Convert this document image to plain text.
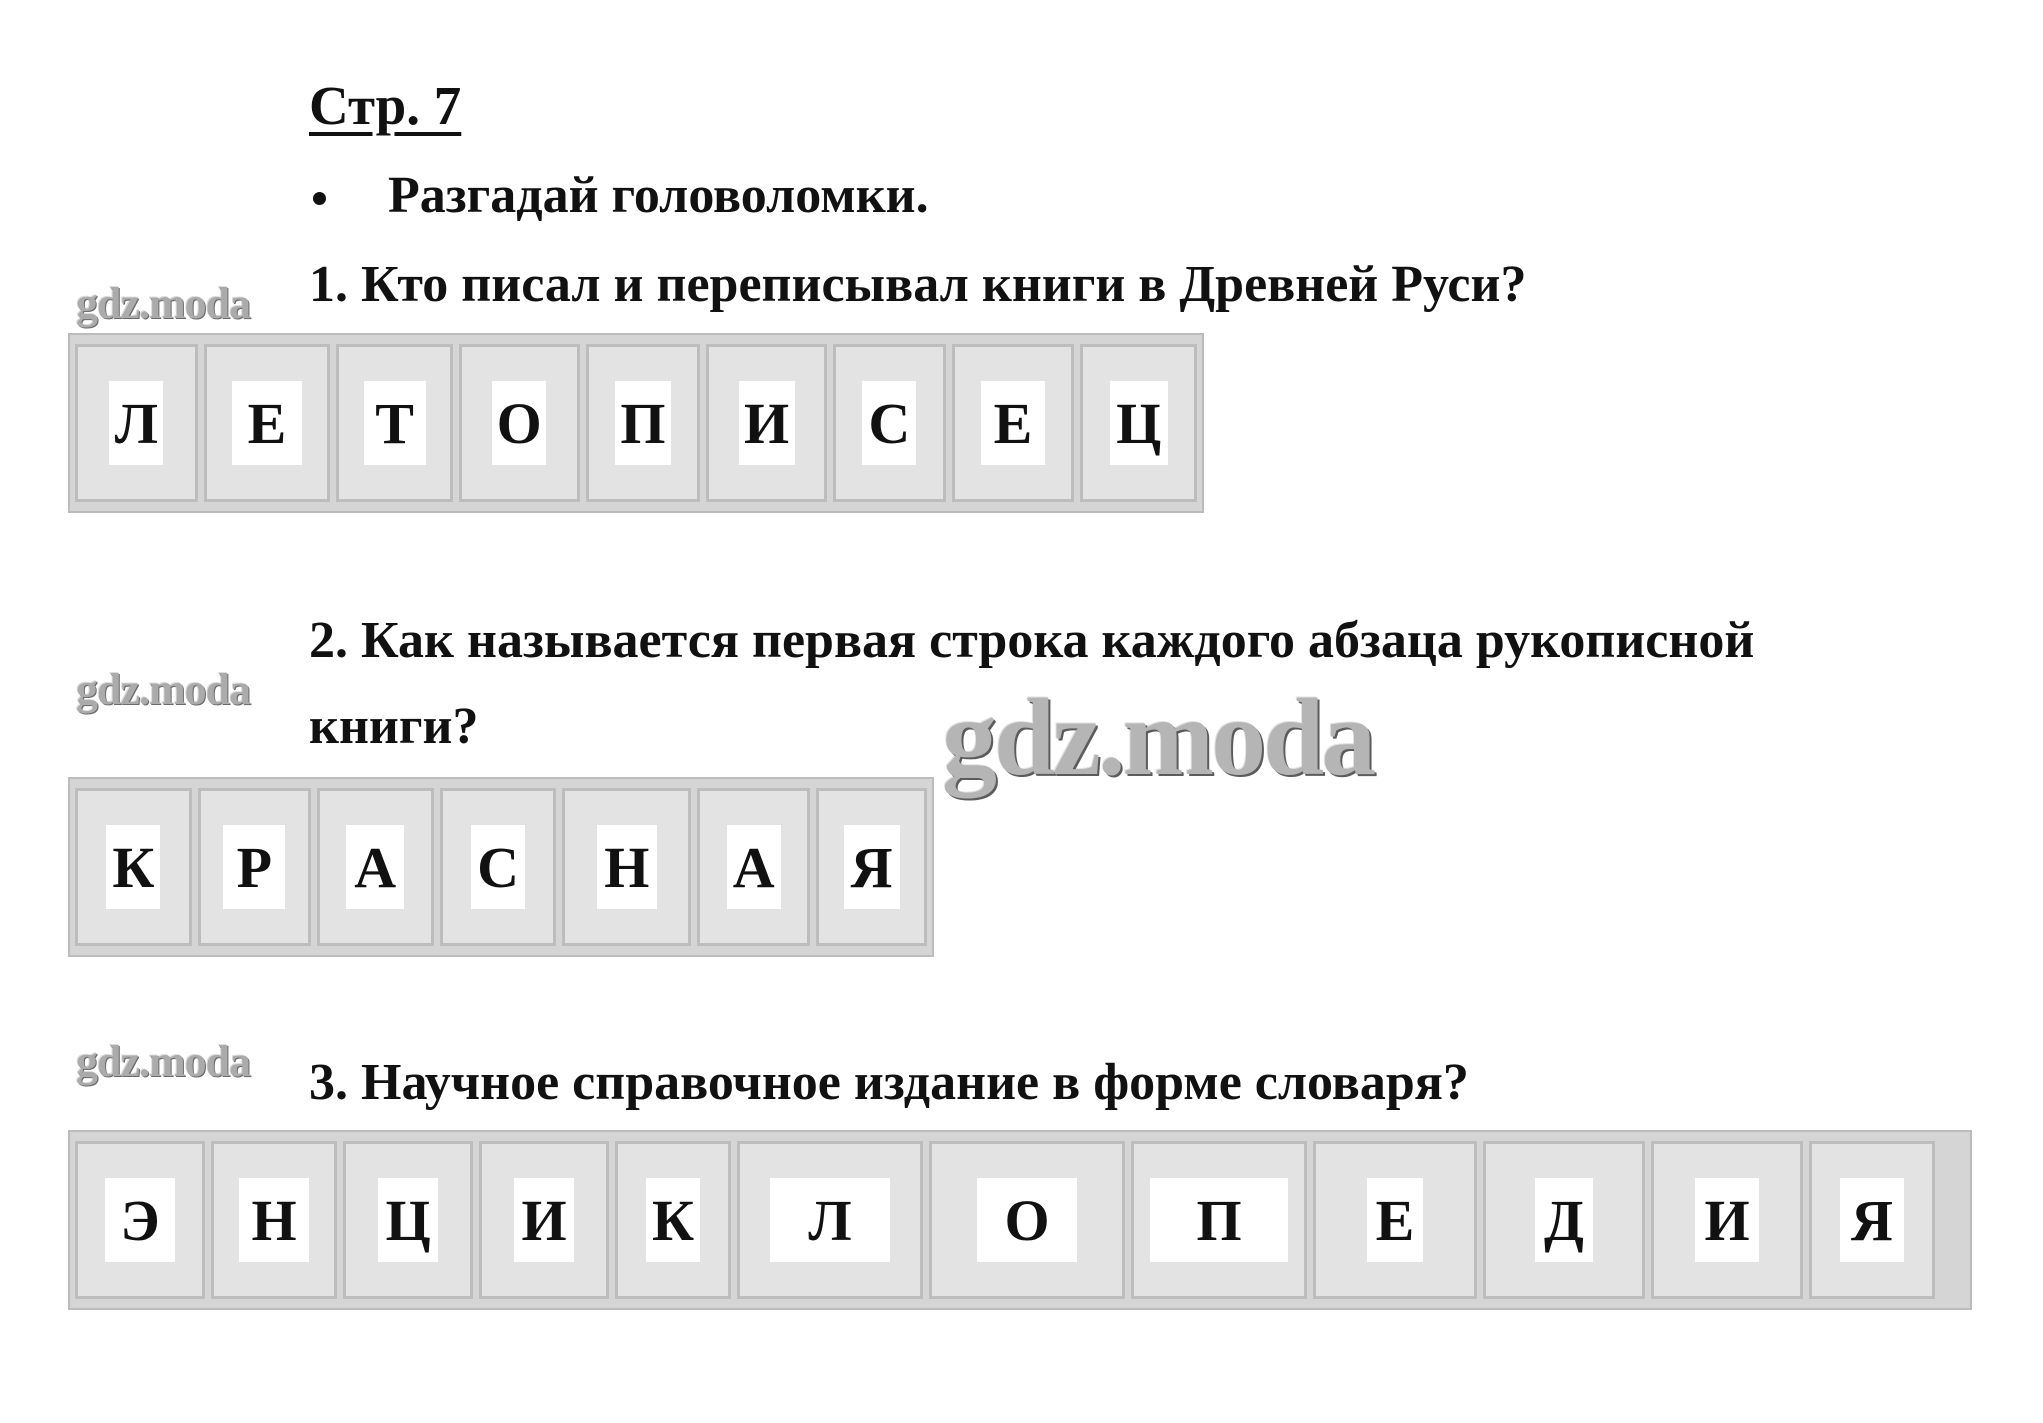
Стр. 7
Разгадай головоломки.
gdz.moda
gdz.moda
gdz.moda
gdz.moda
1. Кто писал и переписывал книги в Древней Руси?
Л Е Т О П И С Е Ц
2. Как называется первая строка каждого абзаца рукописной
книги?
К Р А С Н А Я
3. Научное справочное издание в форме словаря?
Э Н Ц И К	Л	О	П	Е Д И Я
